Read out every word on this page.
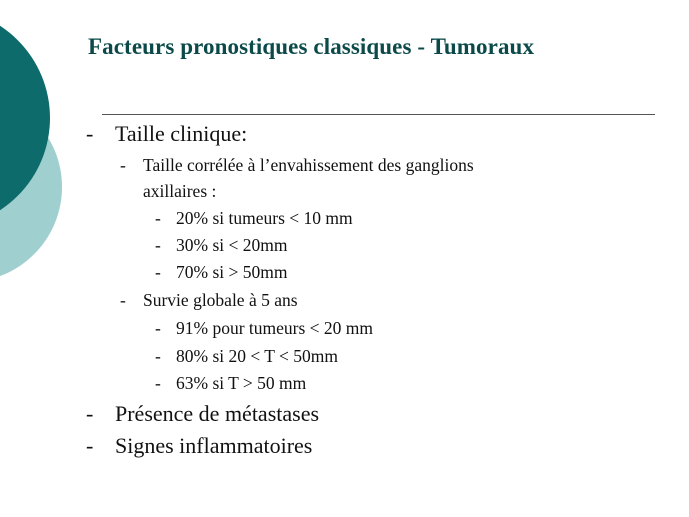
Facteurs pronostiques classiques - Tumoraux
- Taille clinique:
- Taille corrélée à l’envahissement des ganglions
axillaires :
- 20% si tumeurs < 10 mm
- 30% si < 20mm
- 70% si > 50mm
- Survie globale à 5 ans
- 91% pour tumeurs < 20 mm
- 80% si 20 < T < 50mm
- 63% si T > 50 mm
- Présence de métastases
- Signes inflammatoires
